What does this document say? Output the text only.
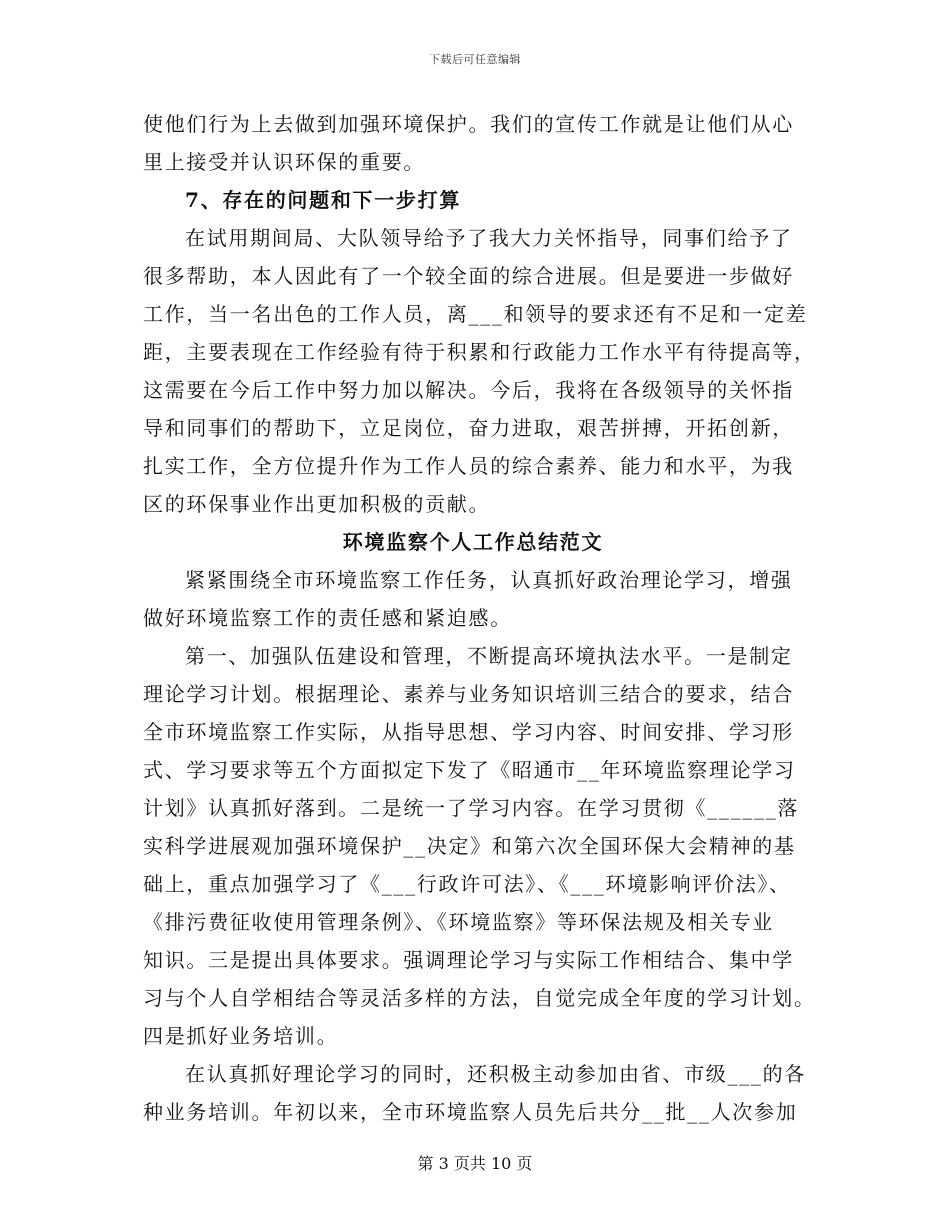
下载后可任意编辑
使他们行为上去做到加强环境保护。我们的宣传工作就是让他们从心
里上接受并认识环保的重要。
7、存在的问题和下一步打算
在试用期间局、大队领导给予了我大力关怀指导，同事们给予了
很多帮助，本人因此有了一个较全面的综合进展。但是要进一步做好
工作，当一名出色的工作人员，离___和领导的要求还有不足和一定差
距，主要表现在工作经验有待于积累和行政能力工作水平有待提高等，
这需要在今后工作中努力加以解决。今后，我将在各级领导的关怀指
导和同事们的帮助下，立足岗位，奋力进取，艰苦拼搏，开拓创新，
扎实工作，全方位提升作为工作人员的综合素养、能力和水平，为我
区的环保事业作出更加积极的贡献。
环境监察个人工作总结范文
紧紧围绕全市环境监察工作任务，认真抓好政治理论学习，增强
做好环境监察工作的责任感和紧迫感。
第一、加强队伍建设和管理，不断提高环境执法水平。一是制定
理论学习计划。根据理论、素养与业务知识培训三结合的要求，结合
全市环境监察工作实际，从指导思想、学习内容、时间安排、学习形
式、学习要求等五个方面拟定下发了《昭通市__年环境监察理论学习
计划》认真抓好落到。二是统一了学习内容。在学习贯彻《______落
实科学进展观加强环境保护__决定》和第六次全国环保大会精神的基
础上，重点加强学习了《___行政许可法》、《___环境影响评价法》、
《排污费征收使用管理条例》、《环境监察》等环保法规及相关专业
知识。三是提出具体要求。强调理论学习与实际工作相结合、集中学
习与个人自学相结合等灵活多样的方法，自觉完成全年度的学习计划。
四是抓好业务培训。
在认真抓好理论学习的同时，还积极主动参加由省、市级___的各
种业务培训。年初以来，全市环境监察人员先后共分__批__人次参加
第 3 页共 10 页
